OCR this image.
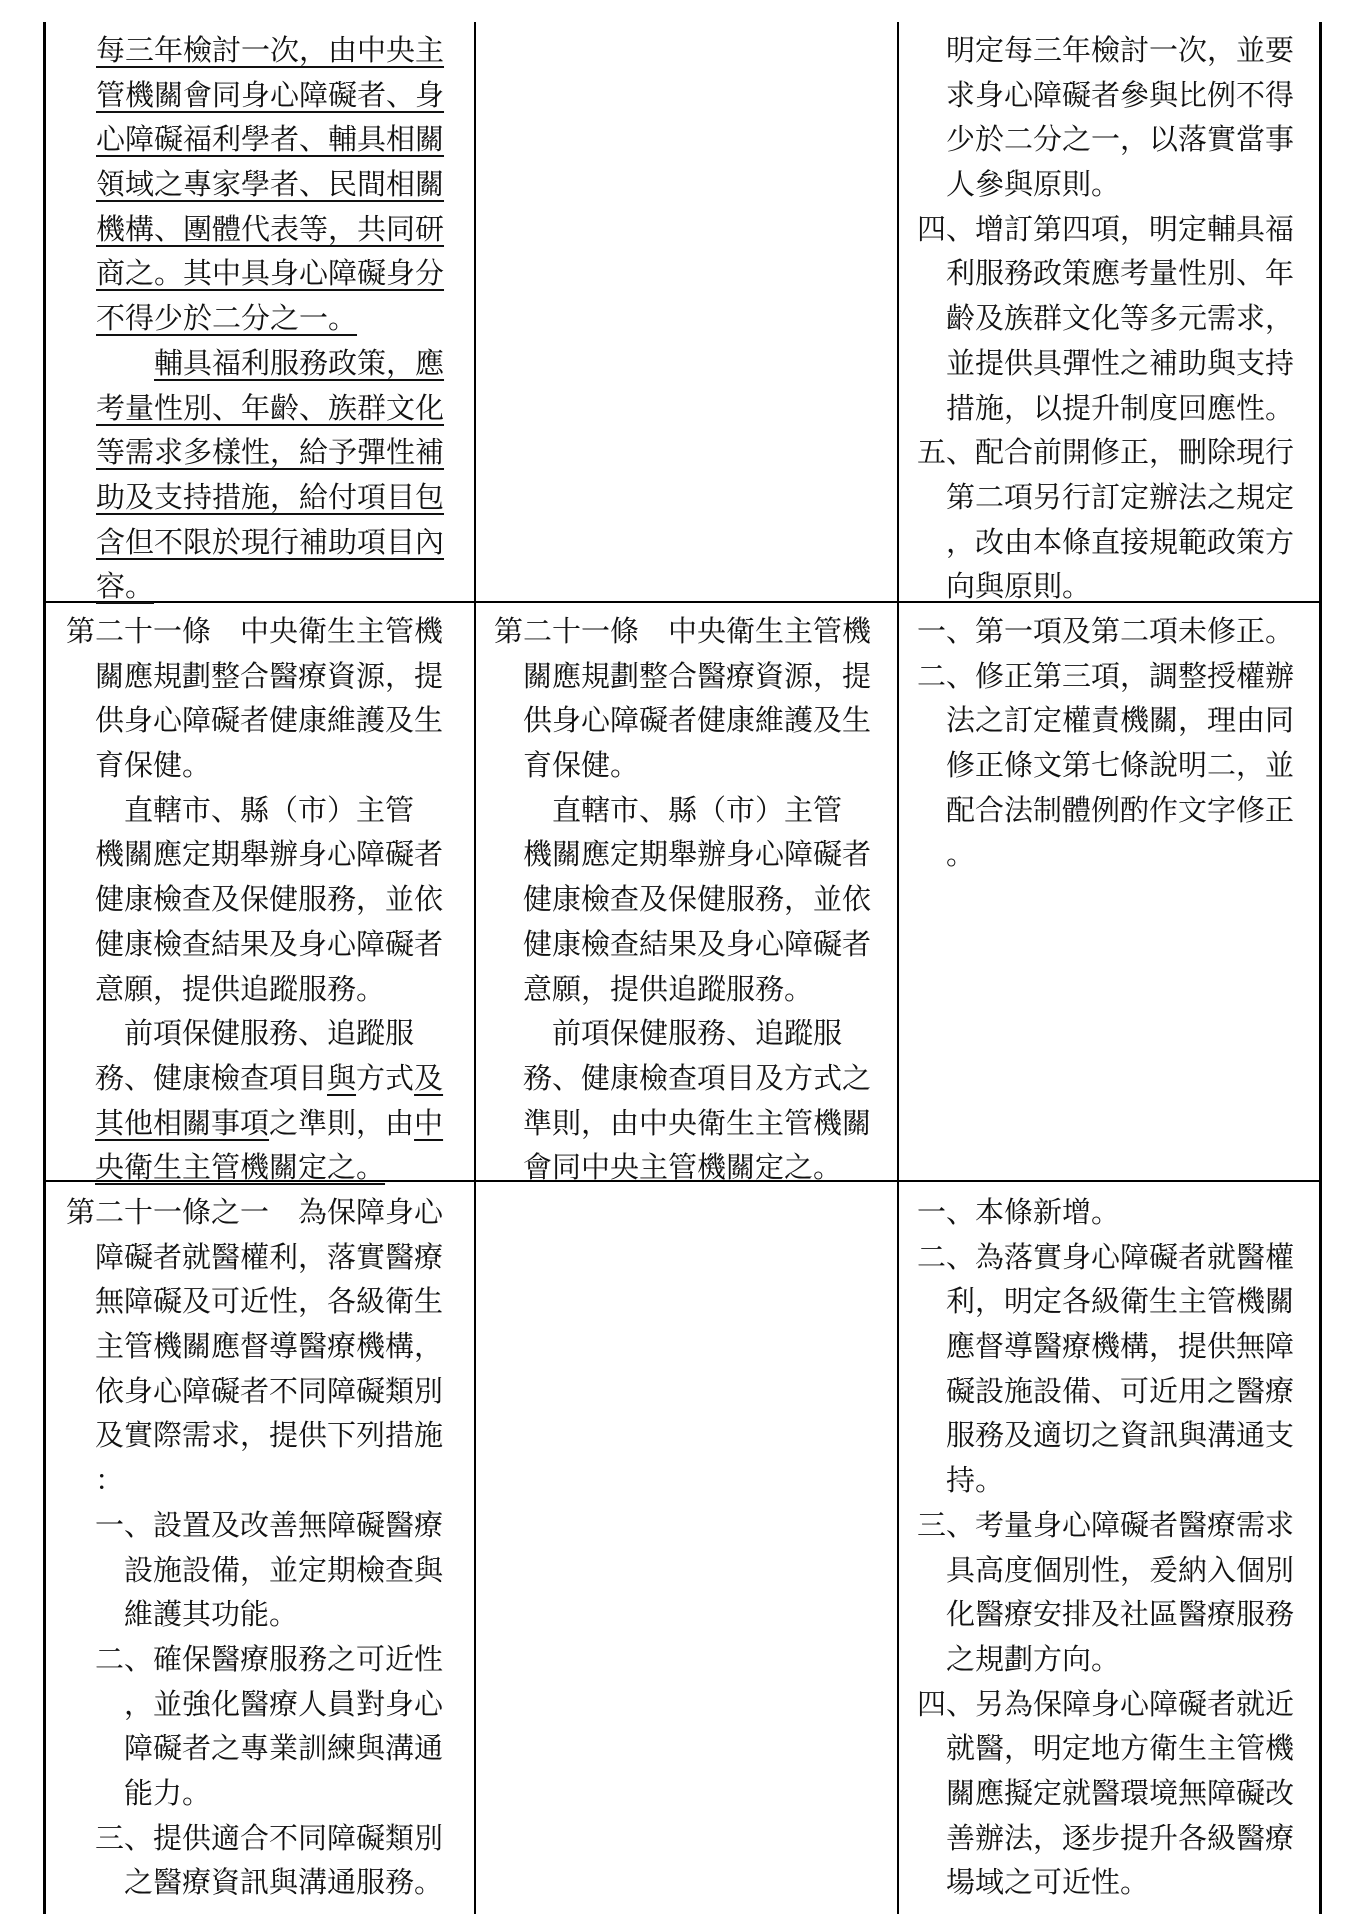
每三年檢討一次，由中央主
管機關會同身心障礙者、身
心障礙福利學者、輔具相關
領域之專家學者、民間相關
機構、團體代表等，共同研
商之。其中具身心障礙身分
不得少於二分之一。
　　輔具福利服務政策，應
考量性別、年齡、族群文化
等需求多樣性，給予彈性補
助及支持措施，給付項目包
含但不限於現行補助項目內
容。
　明定每三年檢討一次，並要
　求身心障礙者參與比例不得
　少於二分之一，以落實當事
　人參與原則。
四、增訂第四項，明定輔具福
　利服務政策應考量性別、年
　齡及族群文化等多元需求，
　並提供具彈性之補助與支持
　措施，以提升制度回應性。
五、配合前開修正，刪除現行
　第二項另行訂定辦法之規定
　，改由本條直接規範政策方
　向與原則。
第二十一條　中央衛生主管機
　關應規劃整合醫療資源，提
　供身心障礙者健康維護及生
　育保健。
　　直轄市、縣（市）主管
　機關應定期舉辦身心障礙者
　健康檢查及保健服務，並依
　健康檢查結果及身心障礙者
　意願，提供追蹤服務。
　　前項保健服務、追蹤服
　務、健康檢查項目與方式及
　其他相關事項之準則，由中
　央衛生主管機關定之。
第二十一條　中央衛生主管機
　關應規劃整合醫療資源，提
　供身心障礙者健康維護及生
　育保健。
　　直轄市、縣（市）主管
　機關應定期舉辦身心障礙者
　健康檢查及保健服務，並依
　健康檢查結果及身心障礙者
　意願，提供追蹤服務。
　　前項保健服務、追蹤服
　務、健康檢查項目及方式之
　準則，由中央衛生主管機關
　會同中央主管機關定之。
一、第一項及第二項未修正。
二、修正第三項，調整授權辦
　法之訂定權責機關，理由同
　修正條文第七條說明二，並
　配合法制體例酌作文字修正
　。
第二十一條之一　為保障身心
　障礙者就醫權利，落實醫療
　無障礙及可近性，各級衛生
　主管機關應督導醫療機構，
　依身心障礙者不同障礙類別
　及實際需求，提供下列措施
　：
　一、設置及改善無障礙醫療
　　設施設備，並定期檢查與
　　維護其功能。
　二、確保醫療服務之可近性
　　，並強化醫療人員對身心
　　障礙者之專業訓練與溝通
　　能力。
　三、提供適合不同障礙類別
　　之醫療資訊與溝通服務。
一、本條新增。
二、為落實身心障礙者就醫權
　利，明定各級衛生主管機關
　應督導醫療機構，提供無障
　礙設施設備、可近用之醫療
　服務及適切之資訊與溝通支
　持。
三、考量身心障礙者醫療需求
　具高度個別性，爰納入個別
　化醫療安排及社區醫療服務
　之規劃方向。
四、另為保障身心障礙者就近
　就醫，明定地方衛生主管機
　關應擬定就醫環境無障礙改
　善辦法，逐步提升各級醫療
　場域之可近性。
